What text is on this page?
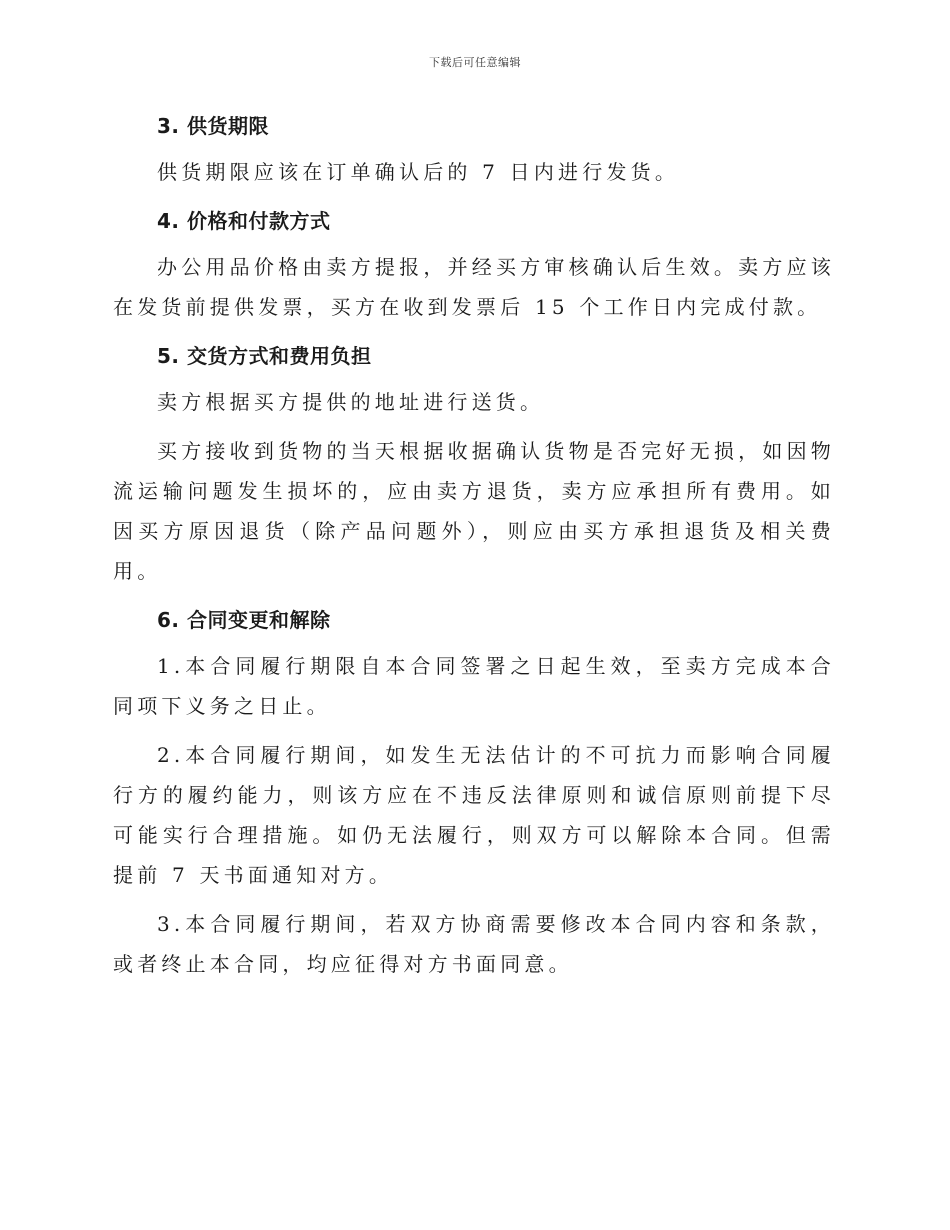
下载后可任意编辑
3. 供货期限
供货期限应该在订单确认后的 7 日内进行发货。
4. 价格和付款方式
办公用品价格由卖方提报，并经买方审核确认后生效。卖方应该在发货前提供发票，买方在收到发票后 15 个工作日内完成付款。
5. 交货方式和费用负担
卖方根据买方提供的地址进行送货。
买方接收到货物的当天根据收据确认货物是否完好无损，如因物流运输问题发生损坏的，应由卖方退货，卖方应承担所有费用。如因买方原因退货（除产品问题外），则应由买方承担退货及相关费用。
6. 合同变更和解除
1.本合同履行期限自本合同签署之日起生效，至卖方完成本合同项下义务之日止。
2.本合同履行期间，如发生无法估计的不可抗力而影响合同履行方的履约能力，则该方应在不违反法律原则和诚信原则前提下尽可能实行合理措施。如仍无法履行，则双方可以解除本合同。但需提前 7 天书面通知对方。
3.本合同履行期间，若双方协商需要修改本合同内容和条款，或者终止本合同，均应征得对方书面同意。
